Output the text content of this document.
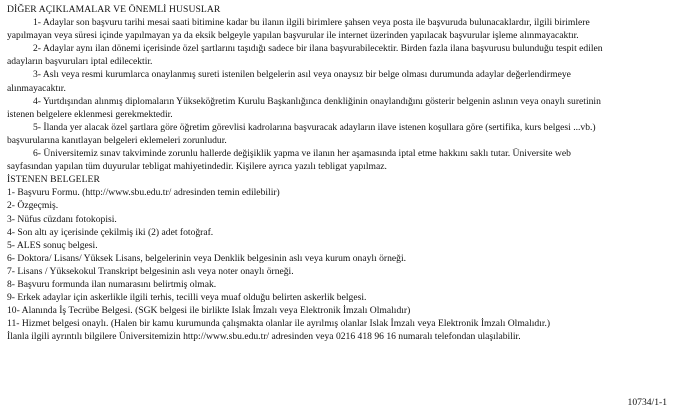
DİĞER AÇIKLAMALAR VE ÖNEMLİ HUSUSLAR
1- Adaylar son başvuru tarihi mesai saati bitimine kadar bu ilanın ilgili birimlere şahsen veya posta ile başvuruda bulunacaklardır, ilgili birimlere
yapılmayan veya süresi içinde yapılmayan ya da eksik belgeyle yapılan başvurular ile internet üzerinden yapılacak başvurular işleme alınmayacaktır.
2- Adaylar aynı ilan dönemi içerisinde özel şartlarını taşıdığı sadece bir ilana başvurabilecektir. Birden fazla ilana başvurusu bulunduğu tespit edilen
adayların başvuruları iptal edilecektir.
3- Aslı veya resmi kurumlarca onaylanmış sureti istenilen belgelerin asıl veya onaysız bir belge olması durumunda adaylar değerlendirmeye
alınmayacaktır.
4- Yurtdışından alınmış diplomaların Yükseköğretim Kurulu Başkanlığınca denkliğinin onaylandığını gösterir belgenin aslının veya onaylı suretinin
istenen belgelere eklenmesi gerekmektedir.
5- İlanda yer alacak özel şartlara göre öğretim görevlisi kadrolarına başvuracak adayların ilave istenen koşullara göre (sertifika, kurs belgesi ...vb.)
başvurularına kanıtlayan belgeleri eklemeleri zorunludur.
6- Üniversitemiz sınav takviminde zorunlu hallerde değişiklik yapma ve ilanın her aşamasında iptal etme hakkını saklı tutar. Üniversite web
sayfasından yapılan tüm duyurular tebligat mahiyetindedir. Kişilere ayrıca yazılı tebligat yapılmaz.
İSTENEN BELGELER
1- Başvuru Formu. (http://www.sbu.edu.tr/ adresinden temin edilebilir)
2- Özgeçmiş.
3- Nüfus cüzdanı fotokopisi.
4- Son altı ay içerisinde çekilmiş iki (2) adet fotoğraf.
5- ALES sonuç belgesi.
6- Doktora/ Lisans/ Yüksek Lisans, belgelerinin veya Denklik belgesinin aslı veya kurum onaylı örneği.
7- Lisans / Yüksekokul Transkript belgesinin aslı veya noter onaylı örneği.
8- Başvuru formunda ilan numarasını belirtmiş olmak.
9- Erkek adaylar için askerlikle ilgili terhis, tecilli veya muaf olduğu belirten askerlik belgesi.
10- Alanında İş Tecrübe Belgesi. (SGK belgesi ile birlikte Islak İmzalı veya Elektronik İmzalı Olmalıdır)
11- Hizmet belgesi onaylı. (Halen bir kamu kurumunda çalışmakta olanlar ile ayrılmış olanlar Islak İmzalı veya Elektronik İmzalı Olmalıdır.)
İlanla ilgili ayrıntılı bilgilere Üniversitemizin http://www.sbu.edu.tr/ adresinden veya 0216 418 96 16 numaralı telefondan ulaşılabilir.
10734/1-1
